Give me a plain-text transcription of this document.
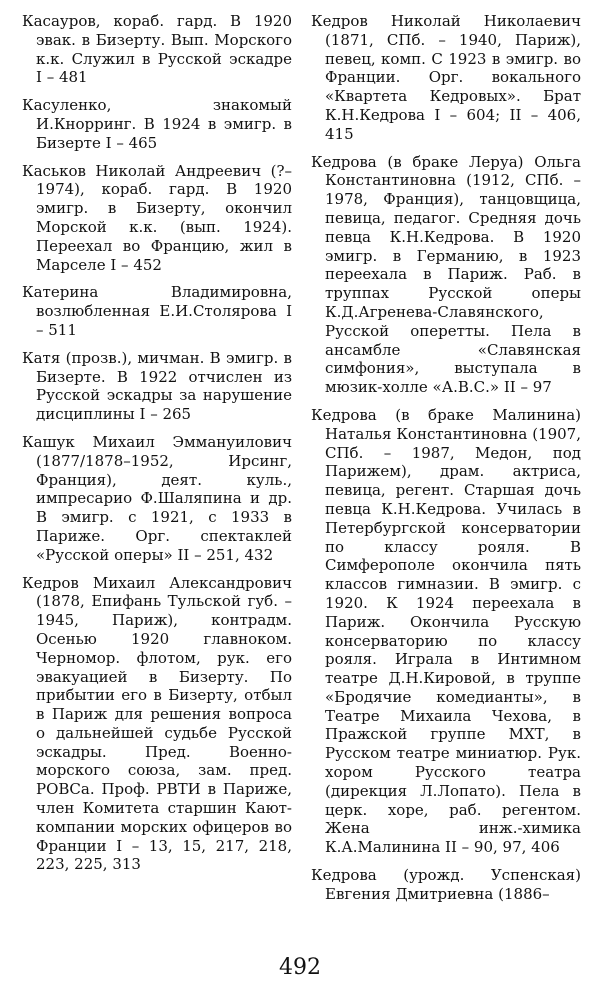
Касауров, кораб. гард. В 1920 эвак. в Бизерту. Вып. Морского к.к. Служил в Русской эскадре I – 481

Касуленко, знакомый И.Кнорринг. В 1924 в эмигр. в Бизерте I – 465

Каськов Николай Андреевич (?–1974), кораб. гард. В 1920 эмигр. в Бизерту, окончил Морской к.к. (вып. 1924). Переехал во Францию, жил в Марселе I – 452

Катерина Владимировна, возлюбленная Е.И.Столярова I – 511

Катя (прозв.), мичман. В эмигр. в Бизерте. В 1922 отчислен из Русской эскадры за нарушение дисциплины I – 265

Кашук Михаил Эммануилович (1877/1878–1952, Ирсинг, Франция), деят. куль., импресарио Ф.Шаляпина и др. В эмигр. с 1921, с 1933 в Париже. Орг. спектаклей «Русской оперы» II – 251, 432

Кедров Михаил Александрович (1878, Епифань Тульской губ. – 1945, Париж), контрадм. Осенью 1920 главноком. Черномор. флотом, рук. его эвакуацией в Бизерту. По прибытии его в Бизерту, отбыл в Париж для решения вопроса о дальнейшей судьбе Русской эскадры. Пред. Военно-морского союза, зам. пред. РОВСа. Проф. РВТИ в Париже, член Комитета старшин Кают-компании морских офицеров во Франции I – 13, 15, 217, 218, 223, 225, 313

Кедров Николай Николаевич (1871, СПб. – 1940, Париж), певец, комп. С 1923 в эмигр. во Франции. Орг. вокального «Квартета Кедровых». Брат К.Н.Кедрова I – 604; II – 406, 415

Кедрова (в браке Леруа) Ольга Константиновна (1912, СПб. – 1978, Франция), танцовщица, певица, педагог. Средняя дочь певца К.Н.Кедрова. В 1920 эмигр. в Германию, в 1923 переехала в Париж. Раб. в труппах Русской оперы К.Д.Агренева-Славянского, Русской оперетты. Пела в ансамбле «Славянская симфония», выступала в мюзик-холле «А.В.С.» II – 97

Кедрова (в браке Малинина) Наталья Константиновна (1907, СПб. – 1987, Медон, под Парижем), драм. актриса, певица, регент. Старшая дочь певца К.Н.Кедрова. Училась в Петербургской консерватории по классу рояля. В Симферополе окончила пять классов гимназии. В эмигр. с 1920. К 1924 переехала в Париж. Окончила Русскую консерваторию по классу рояля. Играла в Интимном театре Д.Н.Кировой, в труппе «Бродячие комедианты», в Театре Михаила Чехова, в Пражской группе МХТ, в Русском театре миниатюр. Рук. хором Русского театра (дирекция Л.Лопато). Пела в церк. хоре, раб. регентом. Жена инж.-химика К.А.Малинина II – 90, 97, 406

Кедрова (урожд. Успенская) Евгения Дмитриевна (1886–

492
